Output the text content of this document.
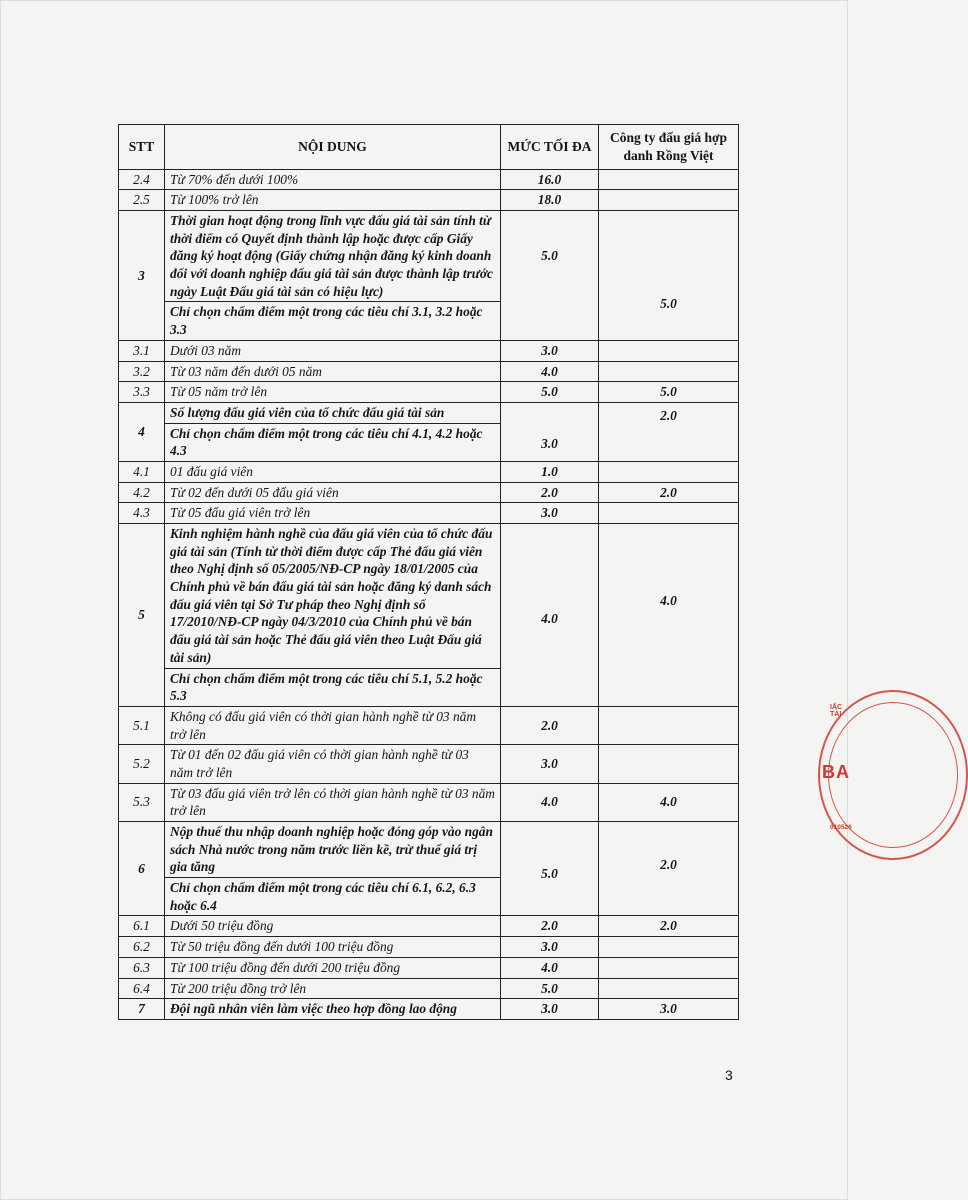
STT	NỘI DUNG	MỨC TỐI ĐA	Công ty đấu giá hợp danh Rồng Việt
2.4	Từ 70% đến dưới 100%	16.0	
2.5	Từ 100% trở lên	18.0	
3	Thời gian hoạt động trong lĩnh vực đấu giá tài sản tính từ thời điểm có Quyết định thành lập hoặc được cấp Giấy đăng ký hoạt động (Giấy chứng nhận đăng ký kinh doanh đối với doanh nghiệp đấu giá tài sản được thành lập trước ngày Luật Đấu giá tài sản có hiệu lực)	5.0	5.0
	Chỉ chọn chấm điểm một trong các tiêu chí 3.1, 3.2 hoặc 3.3		
3.1	Dưới 03 năm	3.0	
3.2	Từ 03 năm đến dưới 05 năm	4.0	
3.3	Từ 05 năm trở lên	5.0	5.0
4	Số lượng đấu giá viên của tổ chức đấu giá tài sản	3.0	2.0
	Chỉ chọn chấm điểm một trong các tiêu chí 4.1, 4.2 hoặc 4.3		
4.1	01 đấu giá viên	1.0	
4.2	Từ 02 đến dưới 05 đấu giá viên	2.0	2.0
4.3	Từ 05 đấu giá viên trở lên	3.0	
5	Kinh nghiệm hành nghề của đấu giá viên của tổ chức đấu giá tài sản (Tính từ thời điểm được cấp Thẻ đấu giá viên theo Nghị định số 05/2005/NĐ-CP ngày 18/01/2005 của Chính phủ về bán đấu giá tài sản hoặc đăng ký danh sách đấu giá viên tại Sở Tư pháp theo Nghị định số 17/2010/NĐ-CP ngày 04/3/2010 của Chính phủ về bán đấu giá tài sản hoặc Thẻ đấu giá viên theo Luật Đấu giá tài sản)	4.0	4.0
	Chỉ chọn chấm điểm một trong các tiêu chí 5.1, 5.2 hoặc 5.3		
5.1	Không có đấu giá viên có thời gian hành nghề từ 03 năm trở lên	2.0	
5.2	Từ 01 đến 02 đấu giá viên có thời gian hành nghề từ 03 năm trở lên	3.0	
5.3	Từ 03 đấu giá viên trở lên có thời gian hành nghề từ 03 năm trở lên	4.0	4.0
6	Nộp thuế thu nhập doanh nghiệp hoặc đóng góp vào ngân sách Nhà nước trong năm trước liền kề, trừ thuế giá trị gia tăng	5.0	2.0
	Chỉ chọn chấm điểm một trong các tiêu chí 6.1, 6.2, 6.3 hoặc 6.4		
6.1	Dưới 50 triệu đồng	2.0	2.0
6.2	Từ 50 triệu đồng đến dưới 100 triệu đồng	3.0	
6.3	Từ 100 triệu đồng đến dưới 200 triệu đồng	4.0	
6.4	Từ 200 triệu đồng trở lên	5.0	
7	Đội ngũ nhân viên làm việc theo hợp đồng lao động	3.0	3.0
IẤC TÀI
BA
010526
3
